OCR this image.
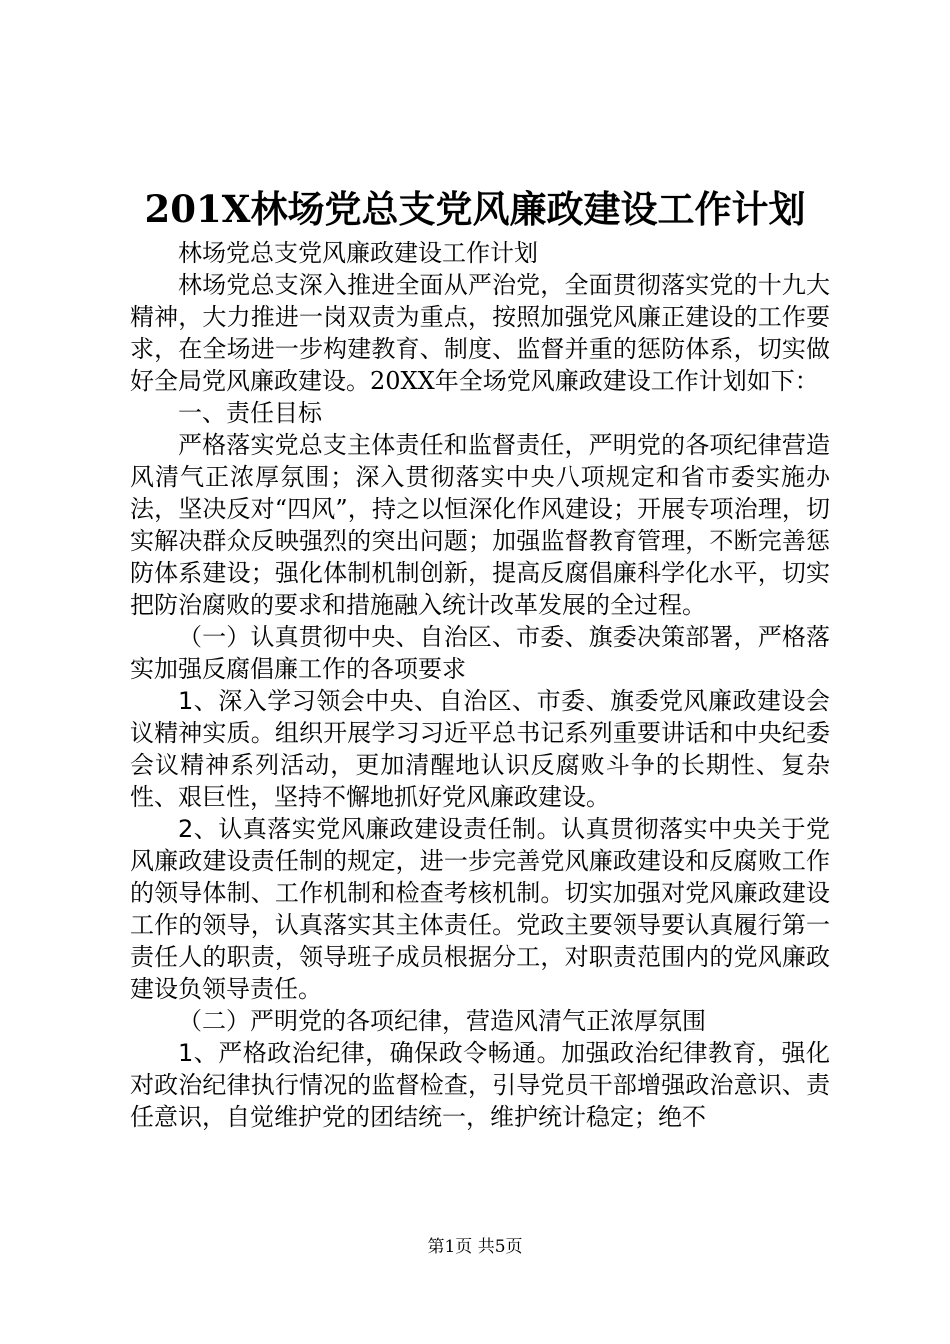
201X林场党总支党风廉政建设工作计划

林场党总支党风廉政建设工作计划

林场党总支深入推进全面从严治党，全面贯彻落实党的十九大精神，大力推进一岗双责为重点，按照加强党风廉正建设的工作要求，在全场进一步构建教育、制度、监督并重的惩防体系，切实做好全局党风廉政建设。20XX年全场党风廉政建设工作计划如下：

一、责任目标

严格落实党总支主体责任和监督责任，严明党的各项纪律营造风清气正浓厚氛围；深入贯彻落实中央八项规定和省市委实施办法，坚决反对“四风”，持之以恒深化作风建设；开展专项治理，切实解决群众反映强烈的突出问题；加强监督教育管理，不断完善惩防体系建设；强化体制机制创新，提高反腐倡廉科学化水平，切实把防治腐败的要求和措施融入统计改革发展的全过程。

（一）认真贯彻中央、自治区、市委、旗委决策部署，严格落实加强反腐倡廉工作的各项要求

1、深入学习领会中央、自治区、市委、旗委党风廉政建设会议精神实质。组织开展学习习近平总书记系列重要讲话和中央纪委会议精神系列活动，更加清醒地认识反腐败斗争的长期性、复杂性、艰巨性，坚持不懈地抓好党风廉政建设。

2、认真落实党风廉政建设责任制。认真贯彻落实中央关于党风廉政建设责任制的规定，进一步完善党风廉政建设和反腐败工作的领导体制、工作机制和检查考核机制。切实加强对党风廉政建设工作的领导，认真落实其主体责任。党政主要领导要认真履行第一责任人的职责，领导班子成员根据分工，对职责范围内的党风廉政建设负领导责任。

（二）严明党的各项纪律，营造风清气正浓厚氛围

1、严格政治纪律，确保政令畅通。加强政治纪律教育，强化对政治纪律执行情况的监督检查，引导党员干部增强政治意识、责任意识，自觉维护党的团结统一，维护统计稳定；绝不

第1页 共5页
